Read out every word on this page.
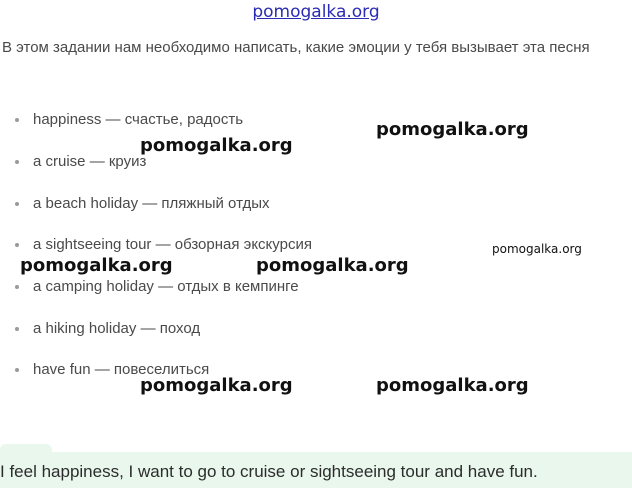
pomogalka.org

В этом задании нам необходимо написать, какие эмоции у тебя вызывает эта песня

happiness — счастье, радость
a cruise — круиз
a beach holiday — пляжный отдых
a sightseeing tour — обзорная экскурсия
a camping holiday — отдых в кемпинге
a hiking holiday — поход
have fun — повеселиться
pomogalka.org
pomogalka.org
pomogalka.org
pomogalka.org	pomogalka.org
pomogalka.org	pomogalka.org
I feel happiness, I want to go to cruise or sightseeing tour and have fun.
